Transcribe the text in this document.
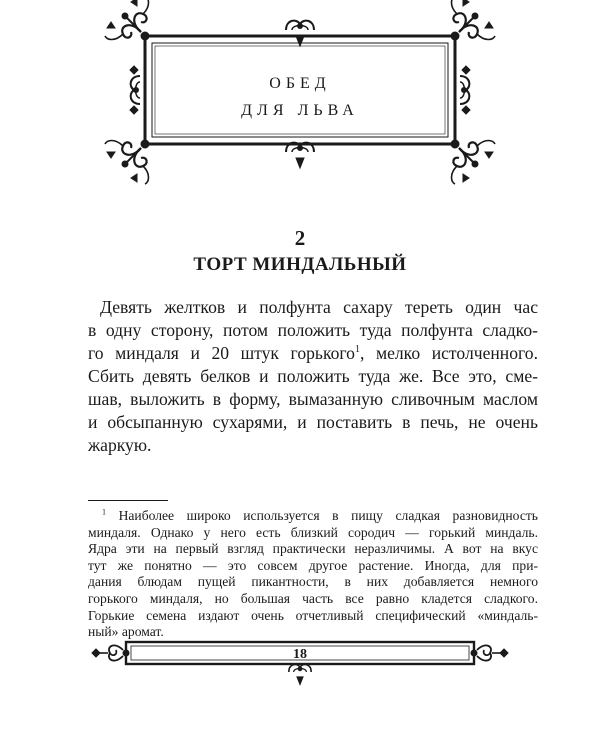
ОБЕД
ДЛЯ ЛЬВА
2
ТОРТ МИНДАЛЬНЫЙ
Девять желтков и полфунта сахару тереть один час
в одну сторону, потом положить туда полфунта сладко-
го миндаля и 20 штук горького$^1$, мелко истолченного.
Сбить девять белков и положить туда же. Все это, сме-
шав, выложить в форму, вымазанную сливочным маслом
и обсыпанную сухарями, и поставить в печь, не очень
жаркую.
$^1$ Наиболее широко используется в пищу сладкая разновидность
миндаля. Однако у него есть близкий сородич — горький миндаль.
Ядра эти на первый взгляд практически неразличимы. А вот на вкус
тут же понятно — это совсем другое растение. Иногда, для при-
дания блюдам пущей пикантности, в них добавляется немного
горького миндаля, но большая часть все равно кладется сладкого.
Горькие семена издают очень отчетливый специфический «миндаль-
ный» аромат.
18
